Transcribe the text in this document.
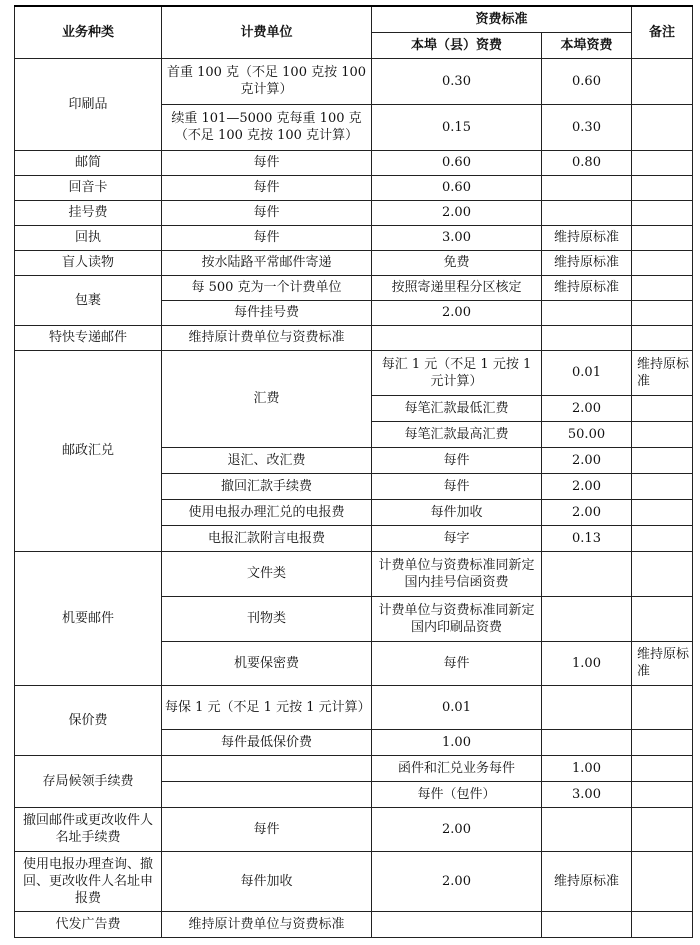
业务种类	计费单位	资费标准		备注
		本埠（县）资费	本埠资费	
印刷品	首重 100 克（不足 100 克按 100 克计算）	0.30	0.60	
	续重 101—5000 克每重 100 克（不足 100 克按 100 克计算）	0.15	0.30	
邮简	每件	0.60	0.80	
回音卡	每件	0.60		
挂号费	每件	2.00		
回执	每件	3.00	维持原标准	
盲人读物	按水陆路平常邮件寄递	免费	维持原标准	
包裹	每 500 克为一个计费单位	按照寄递里程分区核定	维持原标准	
	每件挂号费	2.00		
特快专递邮件	维持原计费单位与资费标准			
邮政汇兑	汇费	每汇 1 元（不足 1 元按 1 元计算）	0.01	维持原标准
		每笔汇款最低汇费	2.00	
		每笔汇款最高汇费	50.00	
	退汇、改汇费	每件	2.00	
	撤回汇款手续费	每件	2.00	
	使用电报办理汇兑的电报费	每件加收	2.00	
	电报汇款附言电报费	每字	0.13	
机要邮件	文件类	计费单位与资费标准同新定国内挂号信函资费		
	刊物类	计费单位与资费标准同新定国内印刷品资费		
	机要保密费	每件	1.00	维持原标准
保价费	每保 1 元（不足 1 元按 1 元计算）	0.01		
	每件最低保价费	1.00		
存局候领手续费		函件和汇兑业务每件	1.00	
		每件（包件）	3.00	
撤回邮件或更改收件人名址手续费	每件	2.00		
使用电报办理查询、撤回、更改收件人名址申报费	每件加收	2.00	维持原标准	
代发广告费	维持原计费单位与资费标准			
